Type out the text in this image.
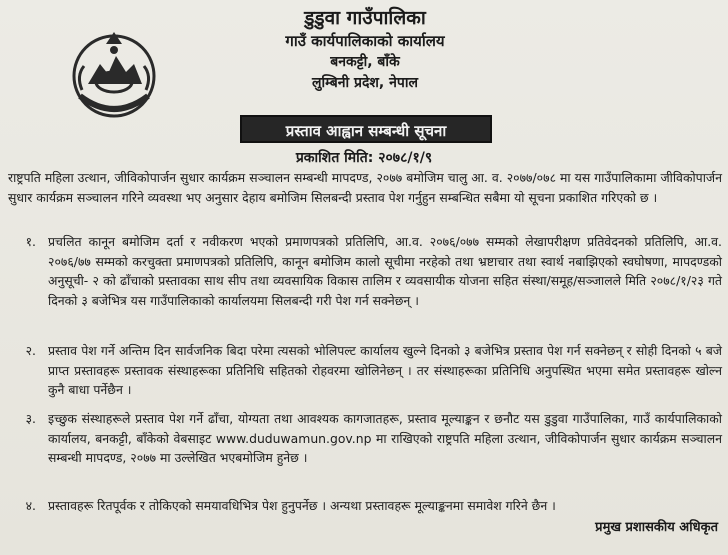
डुडुवा गाउँपालिका
गाउँ कार्यपालिकाको कार्यालय
बनकट्टी, बाँके
लुम्बिनी प्रदेश, नेपाल
प्रस्ताव आह्वान सम्बन्धी सूचना
प्रकाशित मिति: २०७८/१/९
राष्ट्रपति महिला उत्थान, जीविकोपार्जन सुधार कार्यक्रम सञ्चालन सम्बन्धी मापदण्ड, २०७७ बमोजिम चालु आ. व. २०७७/०७८ मा यस गाउँपालिकामा जीविकोपार्जन सुधार कार्यक्रम सञ्चालन गरिने व्यवस्था भए अनुसार देहाय बमोजिम सिलबन्दी प्रस्ताव पेश गर्नुहुन सम्बन्धित सबैमा यो सूचना प्रकाशित गरिएको छ ।
१. प्रचलित कानून बमोजिम दर्ता र नवीकरण भएको प्रमाणपत्रको प्रतिलिपि, आ.व. २०७६/०७७ सम्मको लेखापरीक्षण प्रतिवेदनको प्रतिलिपि, आ.व. २०७६/७७ सम्मको करचुक्ता प्रमाणपत्रको प्रतिलिपि, कानून बमोजिम कालो सूचीमा नरहेको तथा भ्रष्टाचार तथा स्वार्थ नबाझिएको स्वघोषणा, मापदण्डको अनुसूची- २ को ढाँचाको प्रस्तावका साथ सीप तथा व्यवसायिक विकास तालिम र व्यवसायीक योजना सहित संस्था/समूह/सञ्जालले मिति २०७८/१/२३ गते दिनको ३ बजेभित्र यस गाउँपालिकाको कार्यालयमा सिलबन्दी गरी पेश गर्न सक्नेछन् ।
२. प्रस्ताव पेश गर्ने अन्तिम दिन सार्वजनिक बिदा परेमा त्यसको भोलिपल्ट कार्यालय खुल्ने दिनको ३ बजेभित्र प्रस्ताव पेश गर्न सक्नेछन् र सोही दिनको ५ बजे प्राप्त प्रस्तावहरू प्रस्तावक संस्थाहरूका प्रतिनिधि सहितको रोहवरमा खोलिनेछन् । तर संस्थाहरूका प्रतिनिधि अनुपस्थित भएमा समेत प्रस्तावहरू खोल्न कुनै बाधा पर्नेछैन ।
३. इच्छुक संस्थाहरूले प्रस्ताव पेश गर्ने ढाँचा, योग्यता तथा आवश्यक कागजातहरू, प्रस्ताव मूल्याङ्कन र छनौट यस डुडुवा गाउँपालिका, गाउँ कार्यपालिकाको कार्यालय, बनकट्टी, बाँकेको वेबसाइट www.duduwamun.gov.np मा राखिएको राष्ट्रपति महिला उत्थान, जीविकोपार्जन सुधार कार्यक्रम सञ्चालन सम्बन्धी मापदण्ड, २०७७ मा उल्लेखित भएबमोजिम हुनेछ ।
४. प्रस्तावहरू रितपूर्वक र तोकिएको समयावधिभित्र पेश हुनुपर्नेछ । अन्यथा प्रस्तावहरू मूल्याङ्कनमा समावेश गरिने छैन ।
प्रमुख प्रशासकीय अधिकृत
